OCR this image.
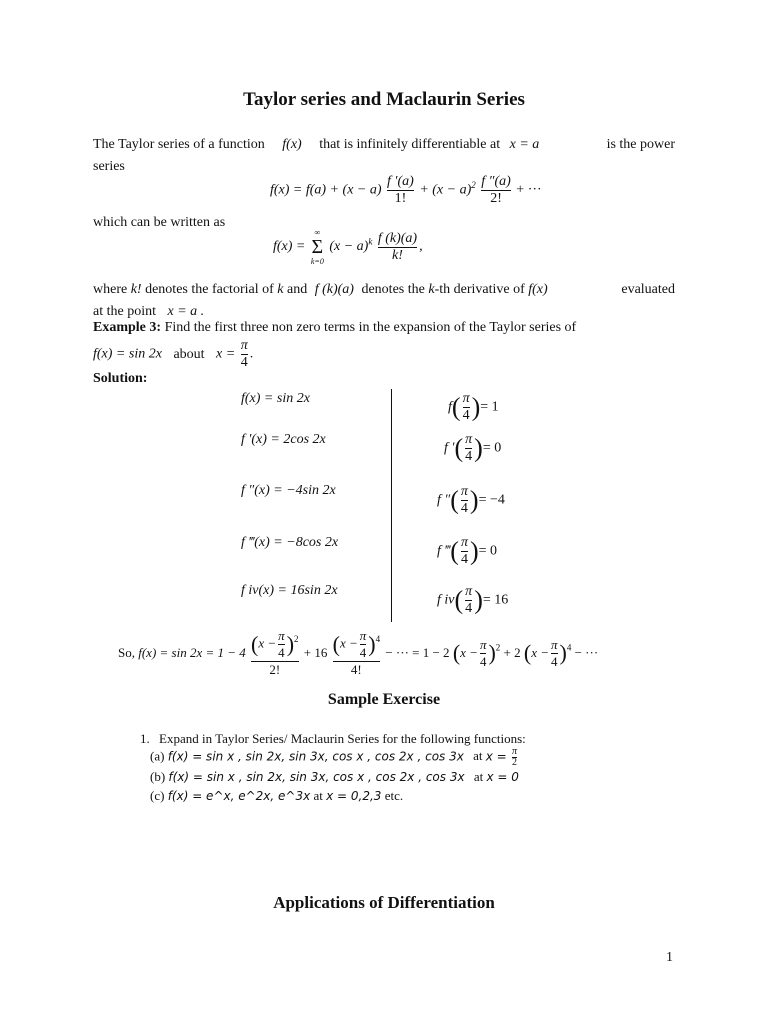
Taylor series and Maclaurin Series
The Taylor series of a function f(x) that is infinitely differentiable at x = a	is the power
series
$f(x) = f(a) + (x - a) \frac{f '(a)}{1!} + (x - a)^2 \frac{f ''(a)}{2!}$ + ···
which can be written as
f(x) =
∞
Σ
k=0
$(x - a)^k \frac{f (k)(a)}{k!}$ ,
where k! denotes the factorial of k and f (k)(a) denotes the k-th derivative of f(x)	evaluated
at the point x = a .
Example 3: Find the first three non zero terms in the expansion of the Taylor series of
f(x) = sin 2x about $x = \frac{\pi}{4}$ .
Solution:
f(x) = sin 2x
f '(x) = 2cos 2x
f ″(x) = −4sin 2x
f ‴(x) = −8cos 2x
f iv(x) = 16sin 2x
$f( \frac{\pi}{4}$ )= 1
f ′( $\frac{\pi}{4}$ )= 0
f ″( $\frac{\pi}{4}$ )= −4
f ‴( $\frac{\pi}{4}$ )= 0
f $iv( \frac{\pi}{4}$ )= 16
So, $f(x) = \sin 2x = 1 - 4 \frac{(x - \frac{\pi}{4} )^2}{2!} + 16 \frac{(x - \frac{\pi}{4} )^4}{4!}$ − ··· = 1 − 2 $(x - \frac{\pi}{4} )^2 + 2$ $(x - \frac{\pi}{4} )^4$ − ···
Sample Exercise
1. Expand in Taylor Series/ Maclaurin Series for the following functions:
(a) f(x) = sin x , sin 2x, sin 3x, cos x , cos 2x , cos 3x at $x = \frac{\pi}{2}$
(b) f(x) = sin x , sin 2x, sin 3x, cos x , cos 2x , cos 3x at x = 0
(c) f(x) = e^x, e^2x, e^3x at x = 0,2,3 etc.
Applications of Differentiation
1
